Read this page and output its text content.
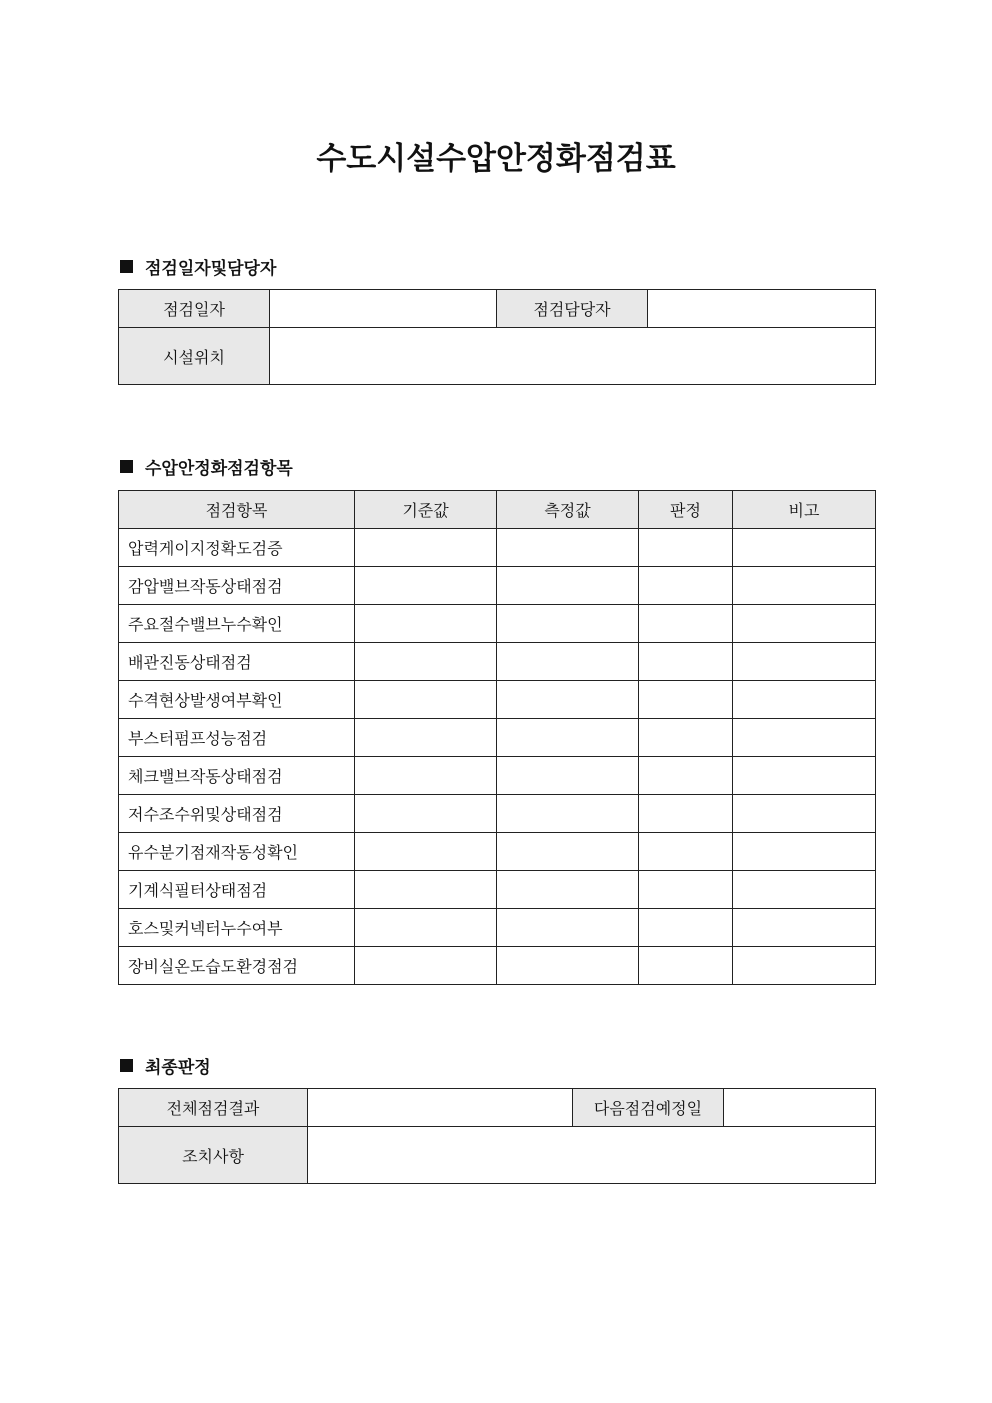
수도시설수압안정화점검표
점검일자및담당자
점검일자		점검담당자	
시설위치			
수압안정화점검항목
점검항목	기준값	측정값	판정	비고
압력게이지정확도검증				
감압밸브작동상태점검				
주요절수밸브누수확인				
배관진동상태점검				
수격현상발생여부확인				
부스터펌프성능점검				
체크밸브작동상태점검				
저수조수위및상태점검				
유수분기점재작동성확인				
기계식필터상태점검				
호스및커넥터누수여부				
장비실온도습도환경점검				
최종판정
전체점검결과		다음점검예정일	
조치사항			
